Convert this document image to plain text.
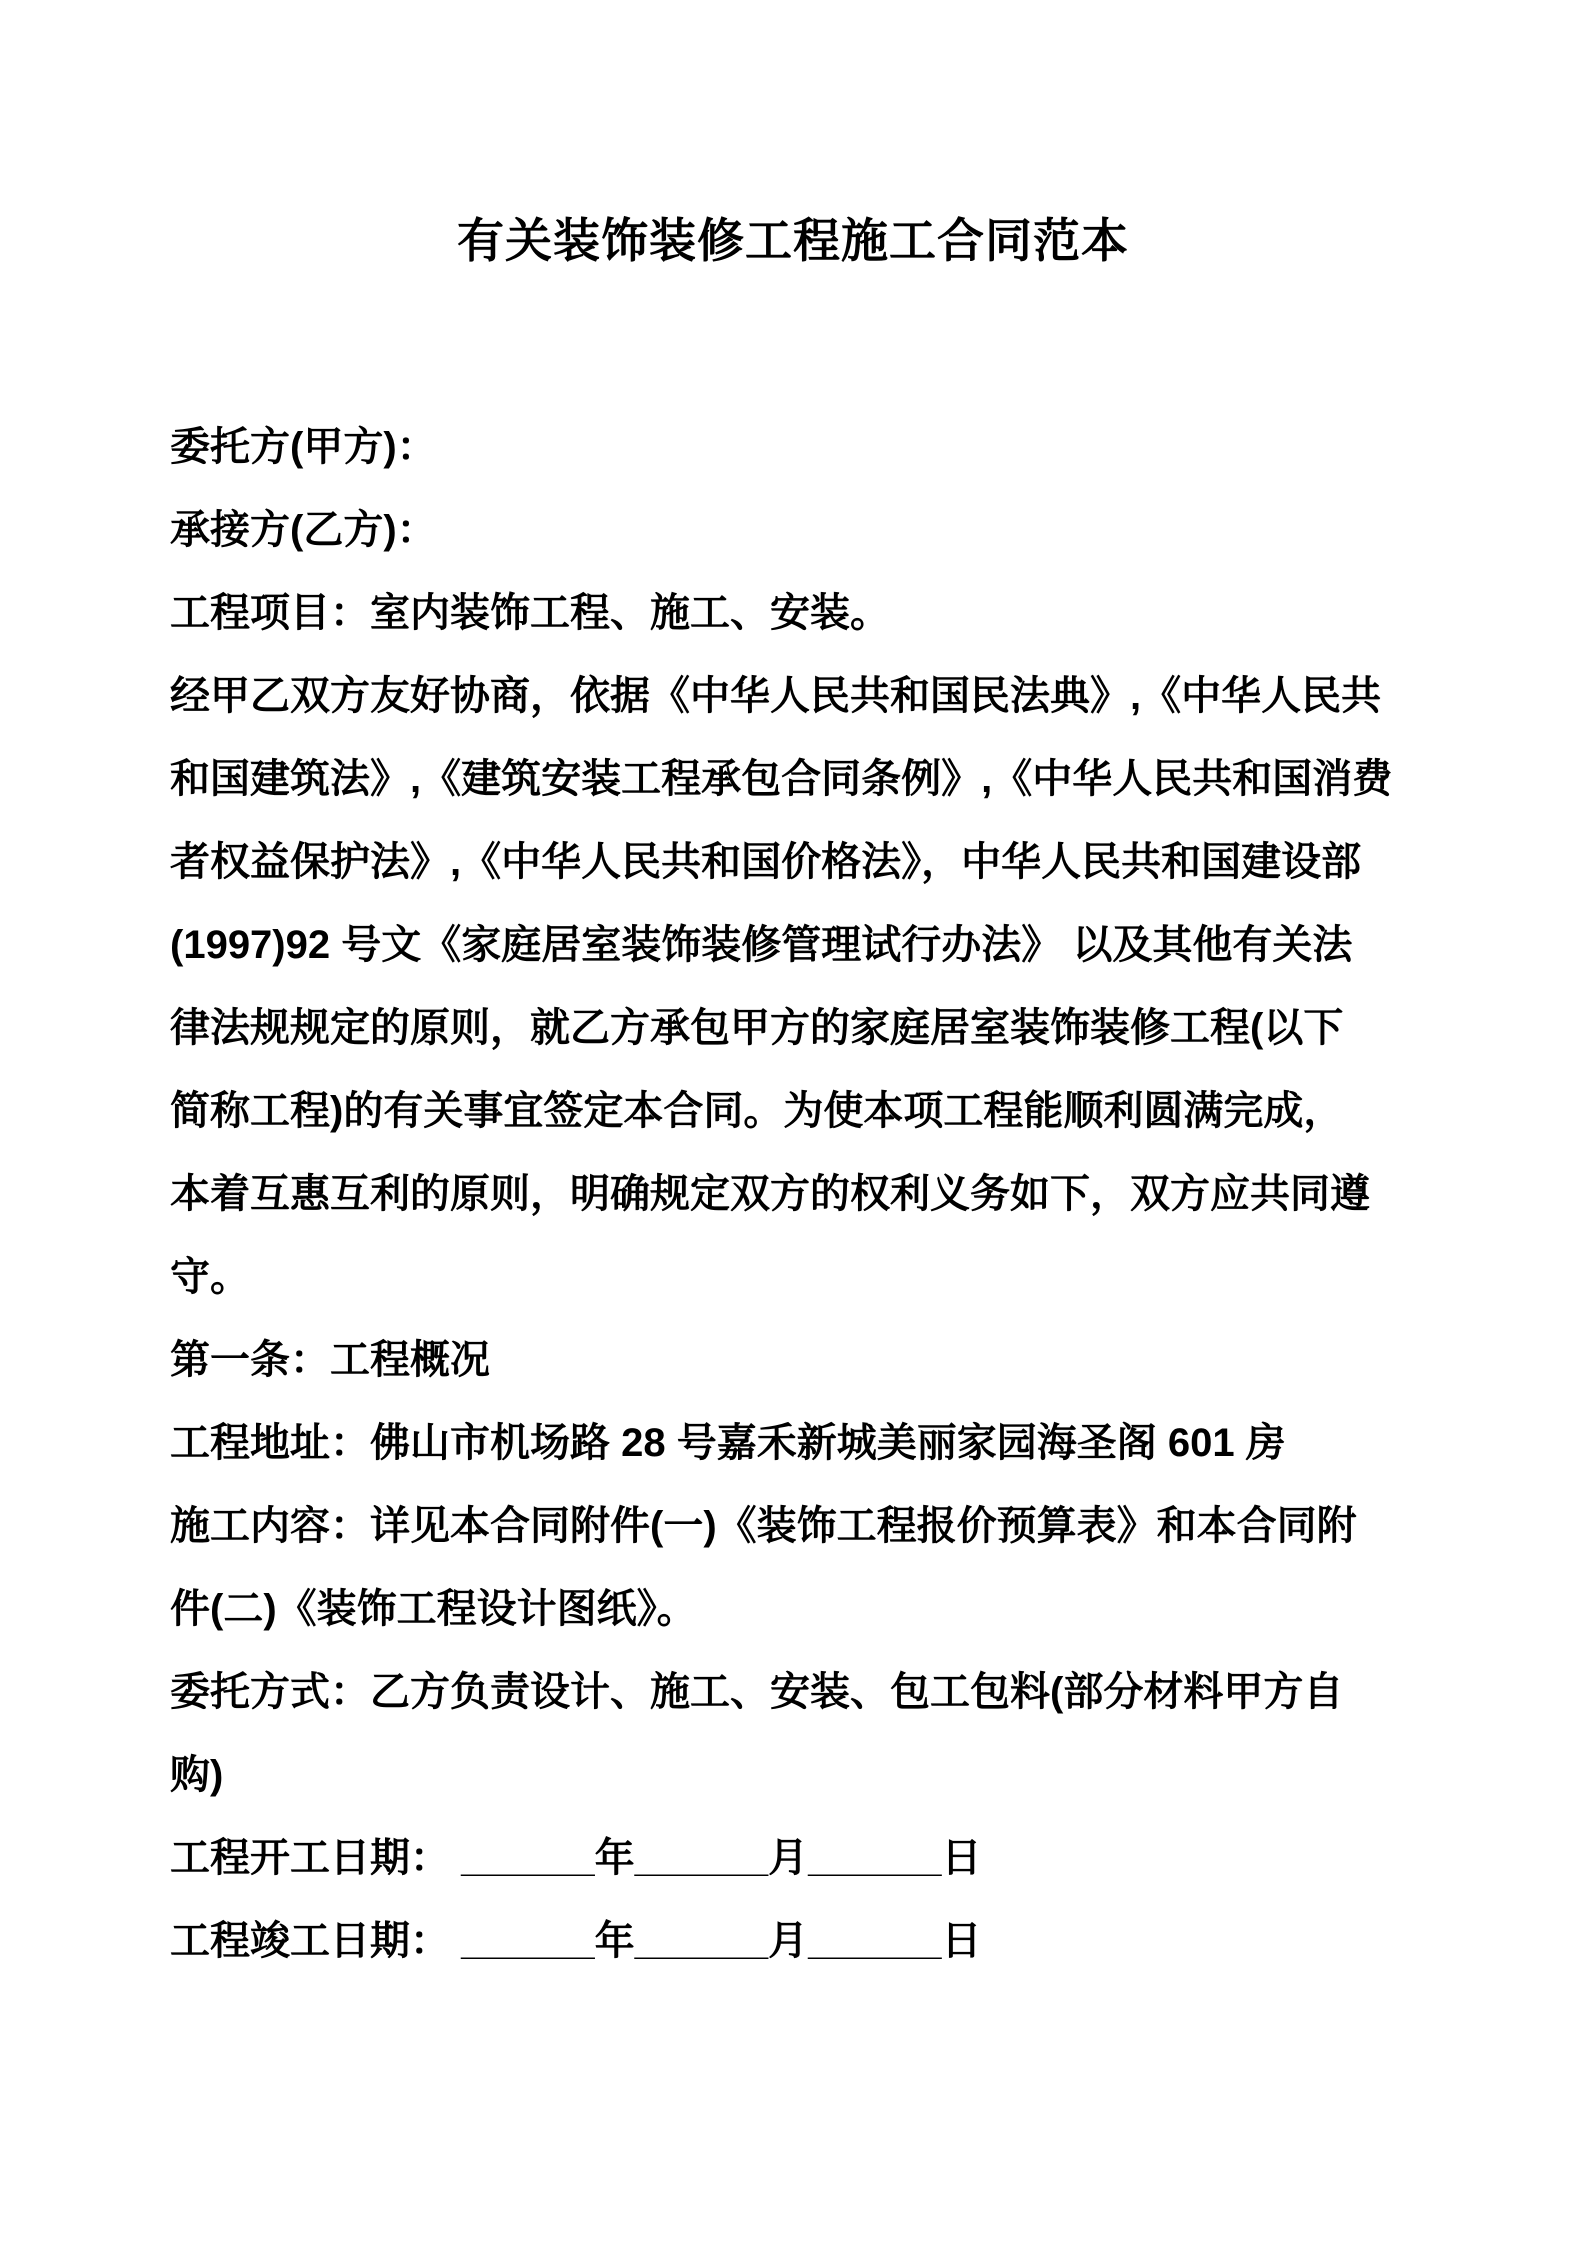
有关装饰装修工程施工合同范本
委托方(甲方)：
承接方(乙方)：
工程项目：室内装饰工程、施工、安装。
经甲乙双方友好协商，依据《中华人民共和国民法典》,《中华人民共
和国建筑法》,《建筑安装工程承包合同条例》,《中华人民共和国消费
者权益保护法》,《中华人民共和国价格法》，中华人民共和国建设部
(1997)92 号文《家庭居室装饰装修管理试行办法》 以及其他有关法
律法规规定的原则，就乙方承包甲方的家庭居室装饰装修工程(以下
简称工程)的有关事宜签定本合同。为使本项工程能顺利圆满完成，
本着互惠互利的原则，明确规定双方的权利义务如下，双方应共同遵
守。
第一条：工程概况
工程地址：佛山市机场路 28 号嘉禾新城美丽家园海圣阁 601 房
施工内容：详见本合同附件(一)《装饰工程报价预算表》和本合同附
件(二)《装饰工程设计图纸》。
委托方式：乙方负责设计、施工、安装、包工包料(部分材料甲方自
购)
工程开工日期： ______年______月______日
工程竣工日期： ______年______月______日
